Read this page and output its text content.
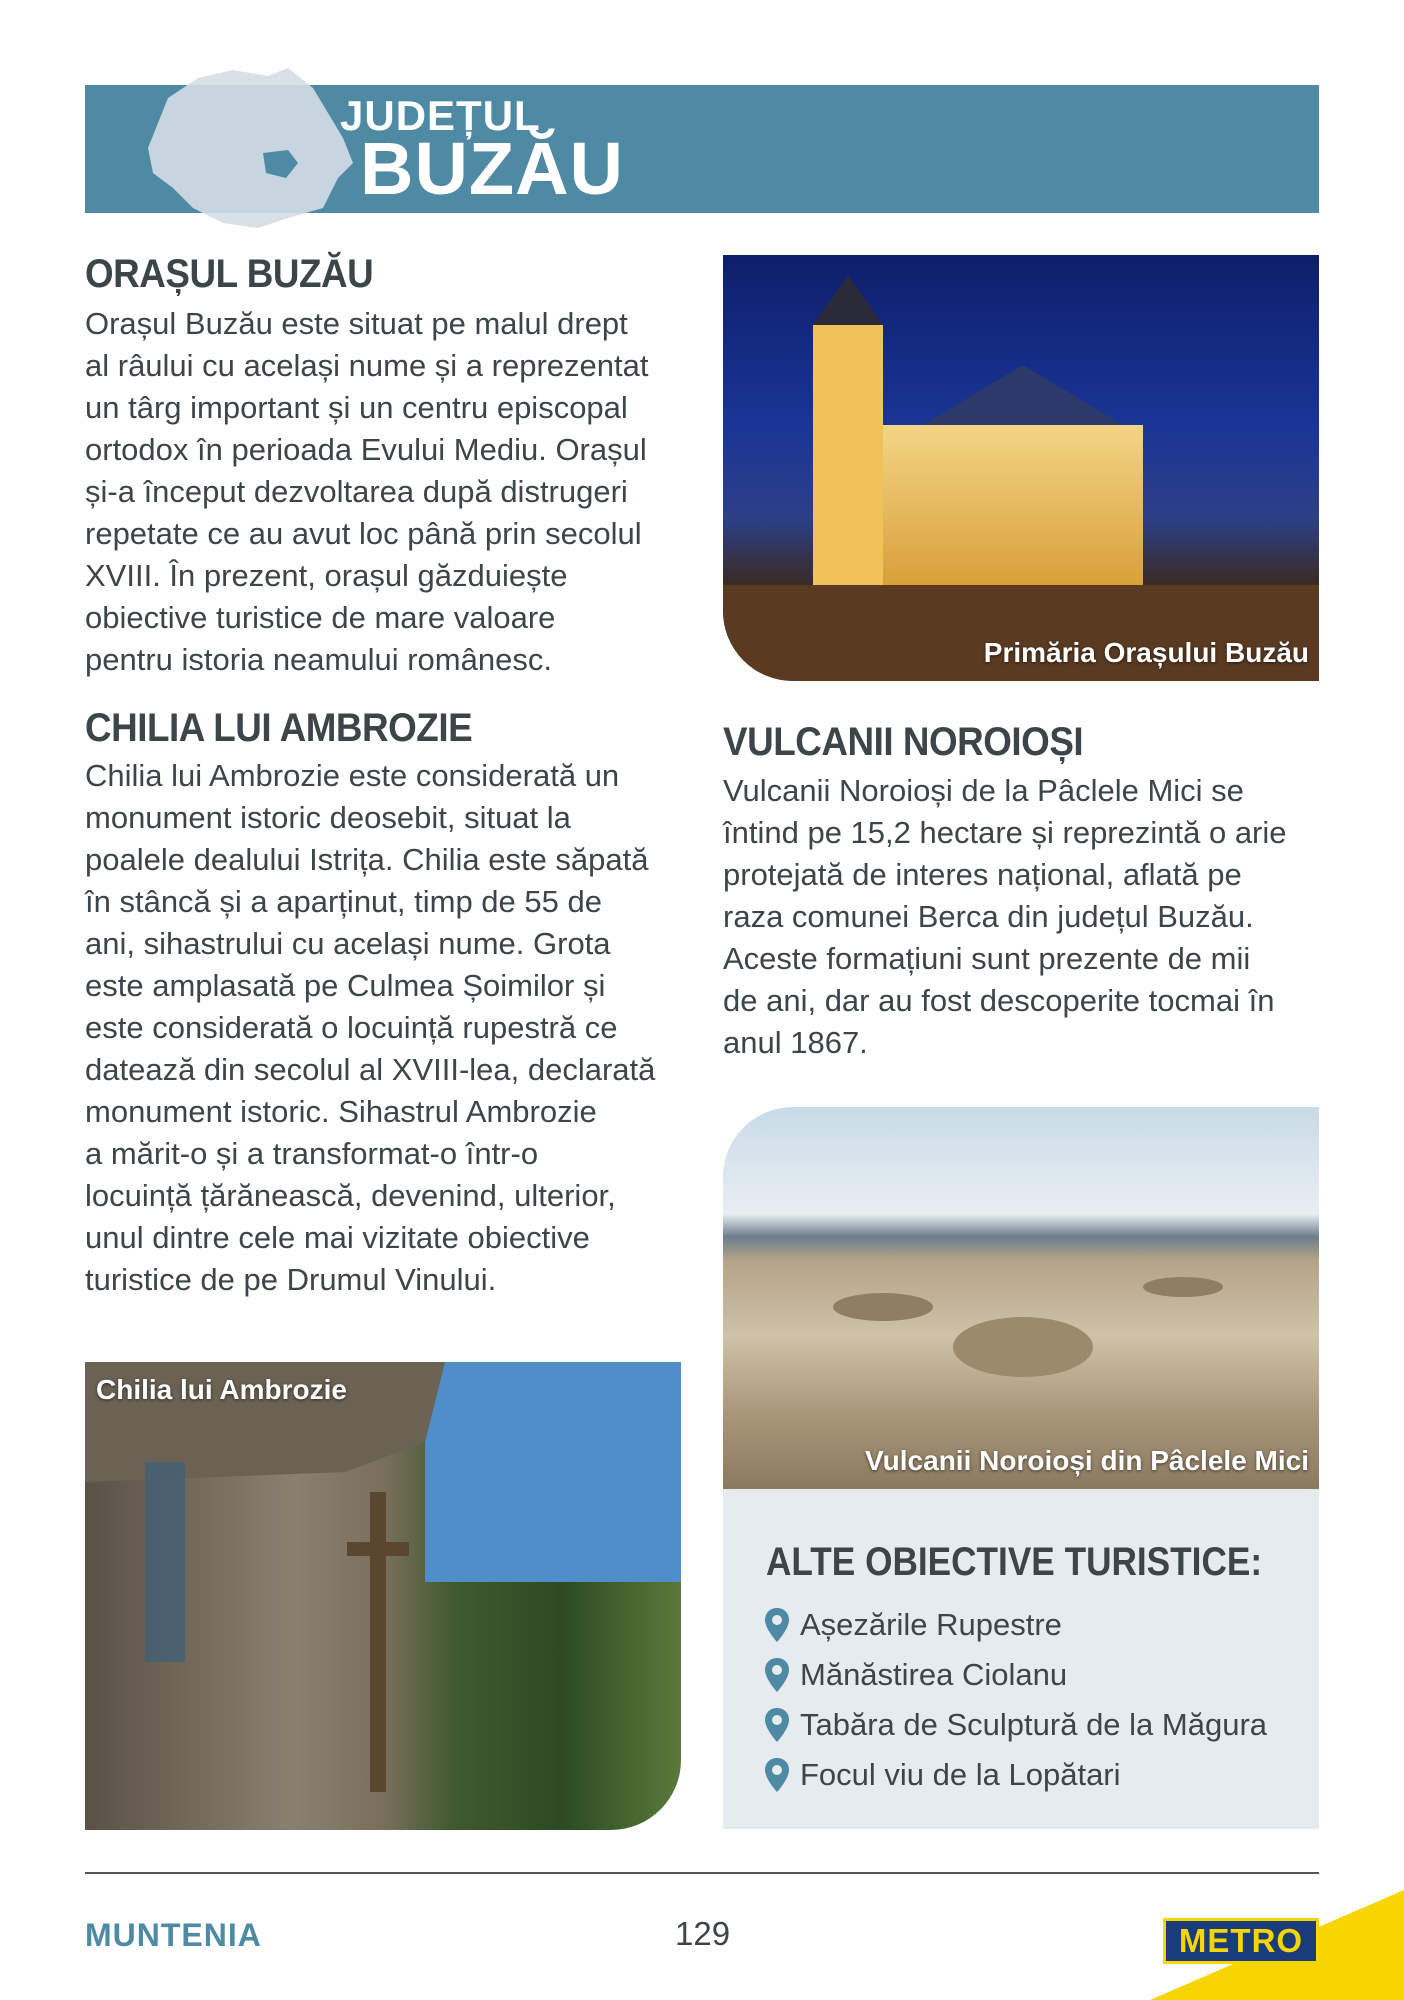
JUDEȚUL
BUZĂU
ORAȘUL BUZĂU
Orașul Buzău este situat pe malul drept
al râului cu același nume și a reprezentat
un târg important și un centru episcopal
ortodox în perioada Evului Mediu. Orașul
și-a început dezvoltarea după distrugeri
repetate ce au avut loc până prin secolul
XVIII. În prezent, orașul găzduiește
obiective turistice de mare valoare
pentru istoria neamului românesc.
CHILIA LUI AMBROZIE
Chilia lui Ambrozie este considerată un
monument istoric deosebit, situat la
poalele dealului Istrița. Chilia este săpată
în stâncă și a aparținut, timp de 55 de
ani, sihastrului cu același nume. Grota
este amplasată pe Culmea Șoimilor și
este considerată o locuință rupestră ce
datează din secolul al XVIII-lea, declarată
monument istoric. Sihastrul Ambrozie
a mărit-o și a transformat-o într-o
locuință țărănească, devenind, ulterior,
unul dintre cele mai vizitate obiective
turistice de pe Drumul Vinului.
Primăria Orașului Buzău
VULCANII NOROIOȘI
Vulcanii Noroioși de la Pâclele Mici se
întind pe 15,2 hectare și reprezintă o arie
protejată de interes național, aflată pe
raza comunei Berca din județul Buzău.
Aceste formațiuni sunt prezente de mii
de ani, dar au fost descoperite tocmai în
anul 1867.
Vulcanii Noroioși din Pâclele Mici
Chilia lui Ambrozie
ALTE OBIECTIVE TURISTICE:
Așezările Rupestre
Mănăstirea Ciolanu
Tabăra de Sculptură de la Măgura
Focul viu de la Lopătari
MUNTENIA	129	METRO
